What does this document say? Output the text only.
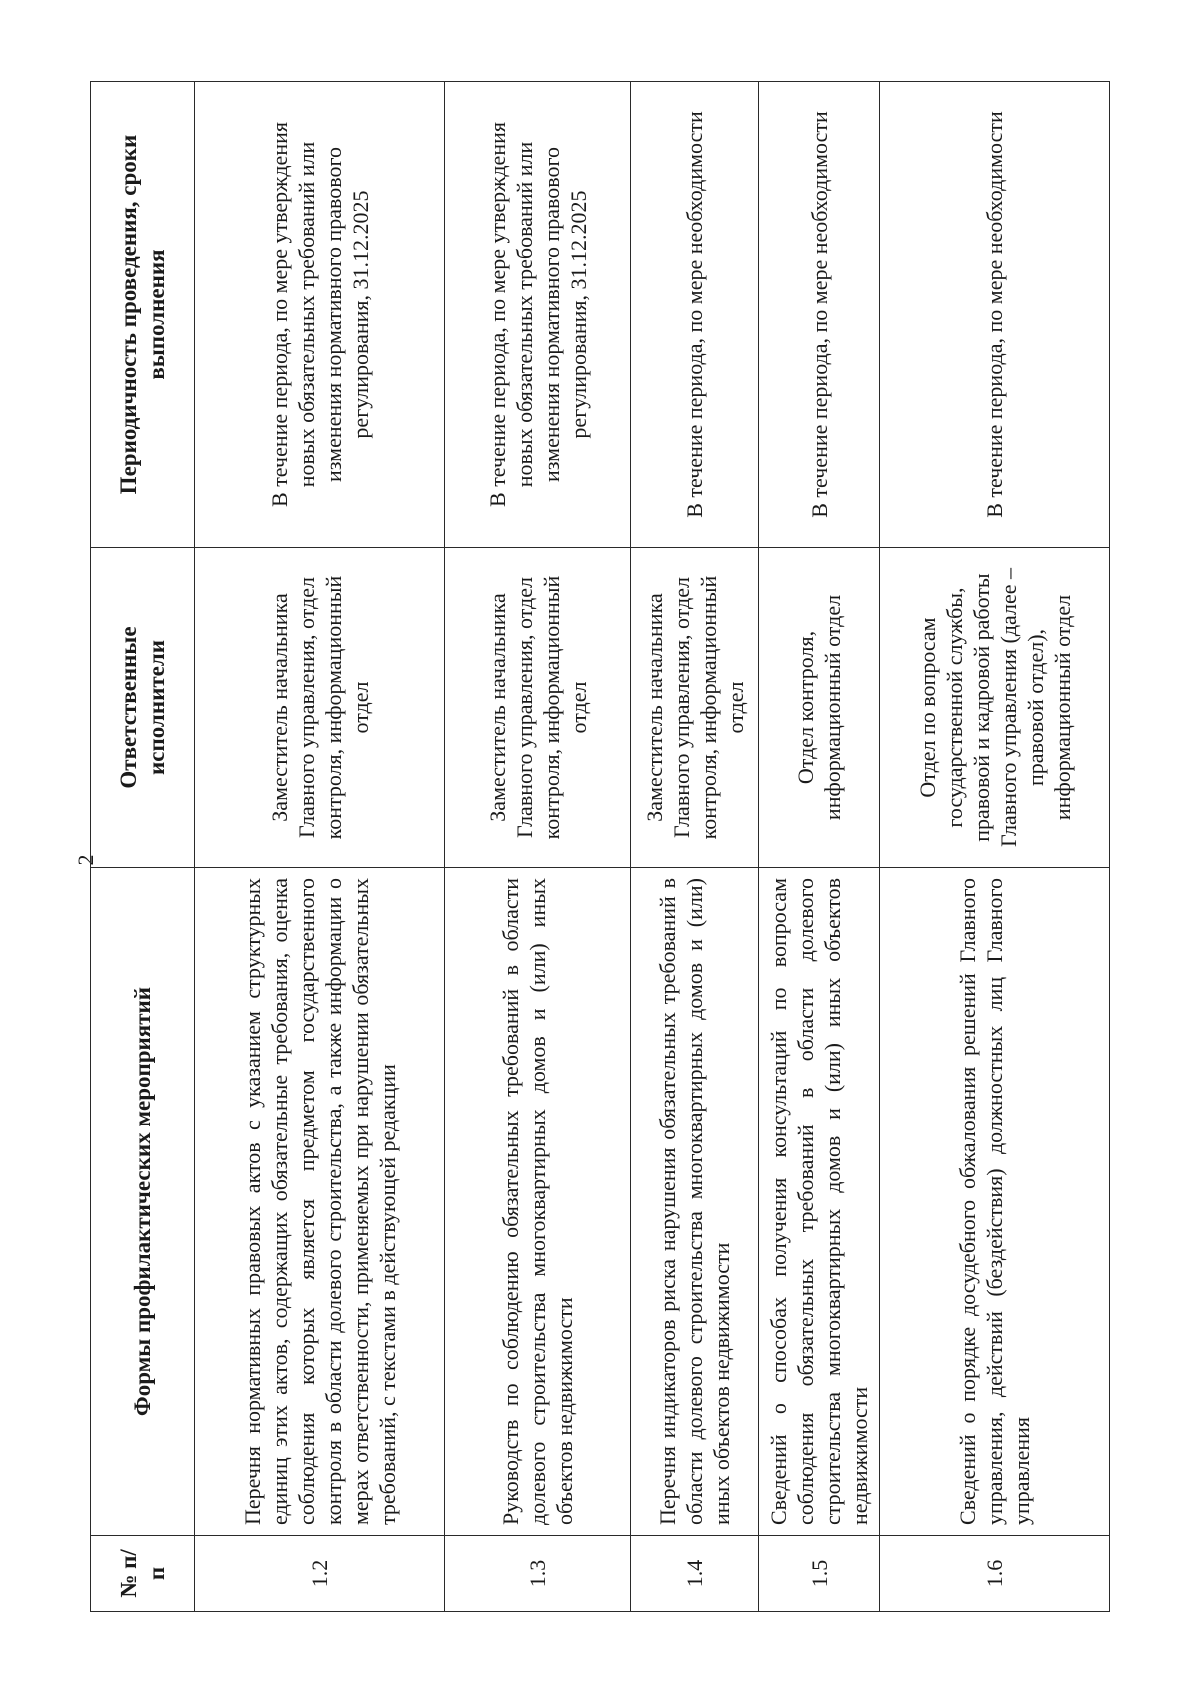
2
№ п/п	Формы профилактических мероприятий	Ответственные исполнители	Периодичность проведения, сроки выполнения
1.2	Перечня нормативных правовых актов с указанием структурных единиц этих актов, содержащих обязательные требования, оценка соблюдения которых является предметом государственного контроля в области долевого строительства, а также информации о мерах ответственности, применяемых при нарушении обязательных требований, с текстами в действующей редакции	Заместитель начальника Главного управления, отдел контроля, информационный отдел	В течение периода, по мере утверждения новых обязательных требований или изменения нормативного правового регулирования, 31.12.2025
1.3	Руководств по соблюдению обязательных требований в области долевого строительства многоквартирных домов и (или) иных объектов недвижимости	Заместитель начальника Главного управления, отдел контроля, информационный отдел	В течение периода, по мере утверждения новых обязательных требований или изменения нормативного правового регулирования, 31.12.2025
1.4	Перечня индикаторов риска нарушения обязательных требований в области долевого строительства многоквартирных домов и (или) иных объектов недвижимости	Заместитель начальника Главного управления, отдел контроля, информационный отдел	В течение периода, по мере необходимости
1.5	Сведений о способах получения консультаций по вопросам соблюдения обязательных требований в области долевого строительства многоквартирных домов и (или) иных объектов недвижимости	Отдел контроля, информационный отдел	В течение периода, по мере необходимости
1.6	Сведений о порядке досудебного обжалования решений Главного управления, действий (бездействия) должностных лиц Главного управления	Отдел по вопросам государственной службы, правовой и кадровой работы Главного управления (далее – правовой отдел), информационный отдел	В течение периода, по мере необходимости
